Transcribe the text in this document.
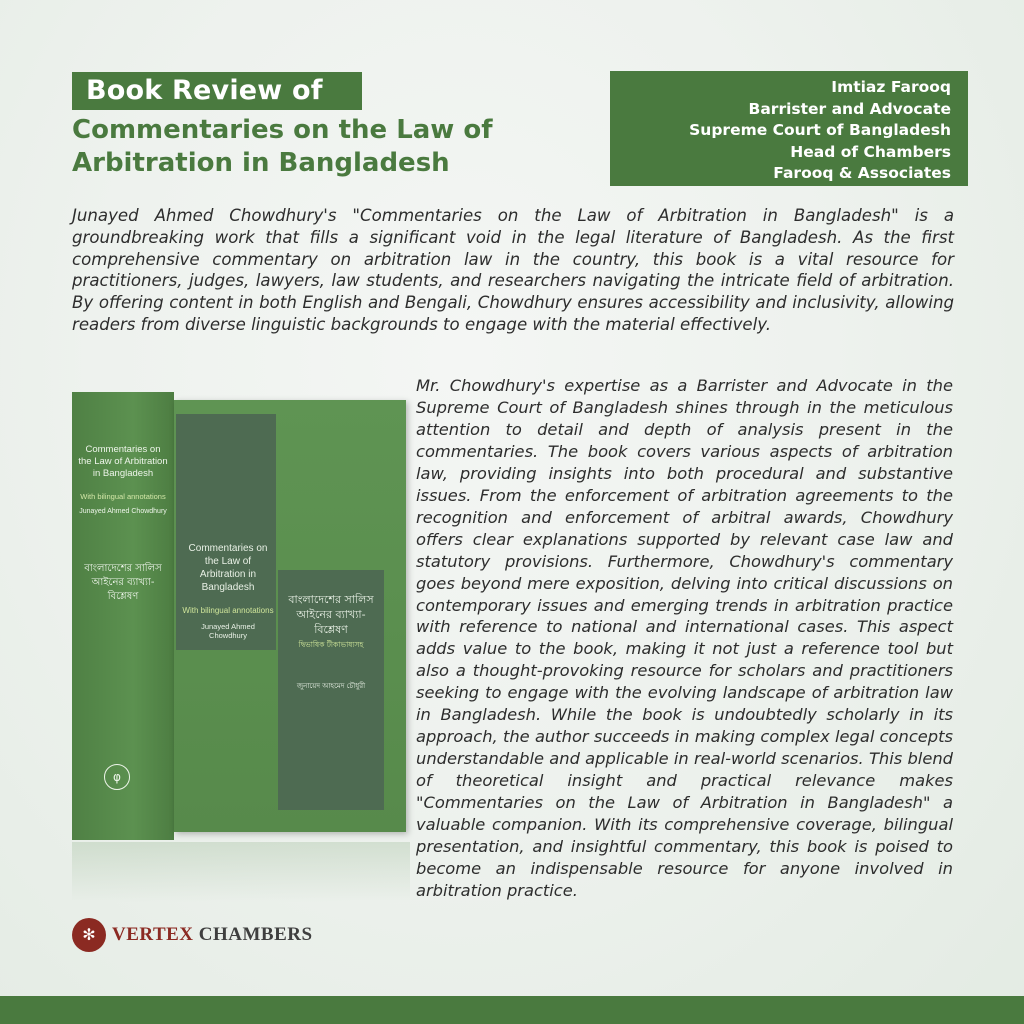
Book Review of
Commentaries on the Law of Arbitration in Bangladesh
Imtiaz Farooq
Barrister and Advocate
Supreme Court of Bangladesh
Head of Chambers
Farooq & Associates
Junayed Ahmed Chowdhury's "Commentaries on the Law of Arbitration in Bangladesh" is a groundbreaking work that fills a significant void in the legal literature of Bangladesh. As the first comprehensive commentary on arbitration law in the country, this book is a vital resource for practitioners, judges, lawyers, law students, and researchers navigating the intricate field of arbitration. By offering content in both English and Bengali, Chowdhury ensures accessibility and inclusivity, allowing readers from diverse linguistic backgrounds to engage with the material effectively.
Commentaries on the Law of Arbitration in Bangladesh
With bilingual annotations
Junayed Ahmed Chowdhury
বাংলাদেশের সালিস আইনের ব্যাখ্যা-বিশ্লেষণ
φ
Commentaries on the Law of Arbitration in Bangladesh
With bilingual annotations
Junayed Ahmed Chowdhury
বাংলাদেশের সালিস আইনের ব্যাখ্যা-বিশ্লেষণ
দ্বিভাষিক টীকাভাষ্যসহ
জুনায়েদ আহমেদ চৌধুরী
Mr. Chowdhury's expertise as a Barrister and Advocate in the Supreme Court of Bangladesh shines through in the meticulous attention to detail and depth of analysis present in the commentaries. The book covers various aspects of arbitration law, providing insights into both procedural and substantive issues. From the enforcement of arbitration agreements to the recognition and enforcement of arbitral awards, Chowdhury offers clear explanations supported by relevant case law and statutory provisions. Furthermore, Chowdhury's commentary goes beyond mere exposition, delving into critical discussions on contemporary issues and emerging trends in arbitration practice with reference to national and international cases. This aspect adds value to the book, making it not just a reference tool but also a thought-provoking resource for scholars and practitioners seeking to engage with the evolving landscape of arbitration law in Bangladesh. While the book is undoubtedly scholarly in its approach, the author succeeds in making complex legal concepts understandable and applicable in real-world scenarios. This blend of theoretical insight and practical relevance makes "Commentaries on the Law of Arbitration in Bangladesh" a valuable companion. With its comprehensive coverage, bilingual presentation, and insightful commentary, this book is poised to become an indispensable resource for anyone involved in arbitration practice.
✻ VERTEX CHAMBERS
